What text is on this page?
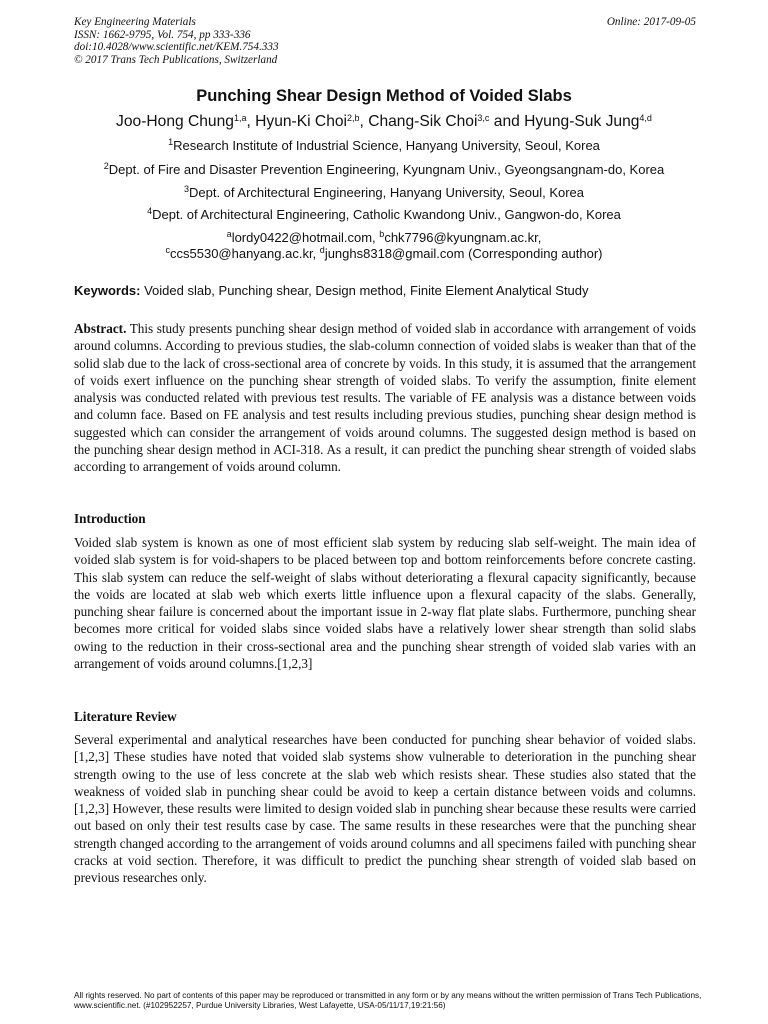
Key Engineering Materials
ISSN: 1662-9795, Vol. 754, pp 333-336
doi:10.4028/www.scientific.net/KEM.754.333
© 2017 Trans Tech Publications, Switzerland
Online: 2017-09-05
Punching Shear Design Method of Voided Slabs
Joo-Hong Chung$^{1,a}$, Hyun-Ki Choi$^{2,b}$, Chang-Sik Choi$^{3,c}$ and Hyung-Suk Jung$^{4,d}$
$^1$Research Institute of Industrial Science, Hanyang University, Seoul, Korea
$^2$Dept. of Fire and Disaster Prevention Engineering, Kyungnam Univ., Gyeongsangnam-do, Korea
$^3$Dept. of Architectural Engineering, Hanyang University, Seoul, Korea
$^4$Dept. of Architectural Engineering, Catholic Kwandong Univ., Gangwon-do, Korea
$^a$lordy0422@hotmail.com, $^b$chk7796@kyungnam.ac.kr,
$^c$ccs5530@hanyang.ac.kr, $^d$junghs8318@gmail.com (Corresponding author)
Keywords: Voided slab, Punching shear, Design method, Finite Element Analytical Study
Abstract. This study presents punching shear design method of voided slab in accordance with arrangement of voids around columns. According to previous studies, the slab-column connection of voided slabs is weaker than that of the solid slab due to the lack of cross-sectional area of concrete by voids. In this study, it is assumed that the arrangement of voids exert influence on the punching shear strength of voided slabs. To verify the assumption, finite element analysis was conducted related with previous test results. The variable of FE analysis was a distance between voids and column face. Based on FE analysis and test results including previous studies, punching shear design method is suggested which can consider the arrangement of voids around columns. The suggested design method is based on the punching shear design method in ACI-318. As a result, it can predict the punching shear strength of voided slabs according to arrangement of voids around column.
Introduction
Voided slab system is known as one of most efficient slab system by reducing slab self-weight. The main idea of voided slab system is for void-shapers to be placed between top and bottom reinforcements before concrete casting. This slab system can reduce the self-weight of slabs without deteriorating a flexural capacity significantly, because the voids are located at slab web which exerts little influence upon a flexural capacity of the slabs. Generally, punching shear failure is concerned about the important issue in 2-way flat plate slabs. Furthermore, punching shear becomes more critical for voided slabs since voided slabs have a relatively lower shear strength than solid slabs owing to the reduction in their cross-sectional area and the punching shear strength of voided slab varies with an arrangement of voids around columns.[1,2,3]
Literature Review
Several experimental and analytical researches have been conducted for punching shear behavior of voided slabs.[1,2,3] These studies have noted that voided slab systems show vulnerable to deterioration in the punching shear strength owing to the use of less concrete at the slab web which resists shear. These studies also stated that the weakness of voided slab in punching shear could be avoid to keep a certain distance between voids and columns.[1,2,3] However, these results were limited to design voided slab in punching shear because these results were carried out based on only their test results case by case. The same results in these researches were that the punching shear strength changed according to the arrangement of voids around columns and all specimens failed with punching shear cracks at void section. Therefore, it was difficult to predict the punching shear strength of voided slab based on previous researches only.
All rights reserved. No part of contents of this paper may be reproduced or transmitted in any form or by any means without the written permission of Trans Tech Publications, www.scientific.net. (#102952257, Purdue University Libraries, West Lafayette, USA-05/11/17,19:21:56)
